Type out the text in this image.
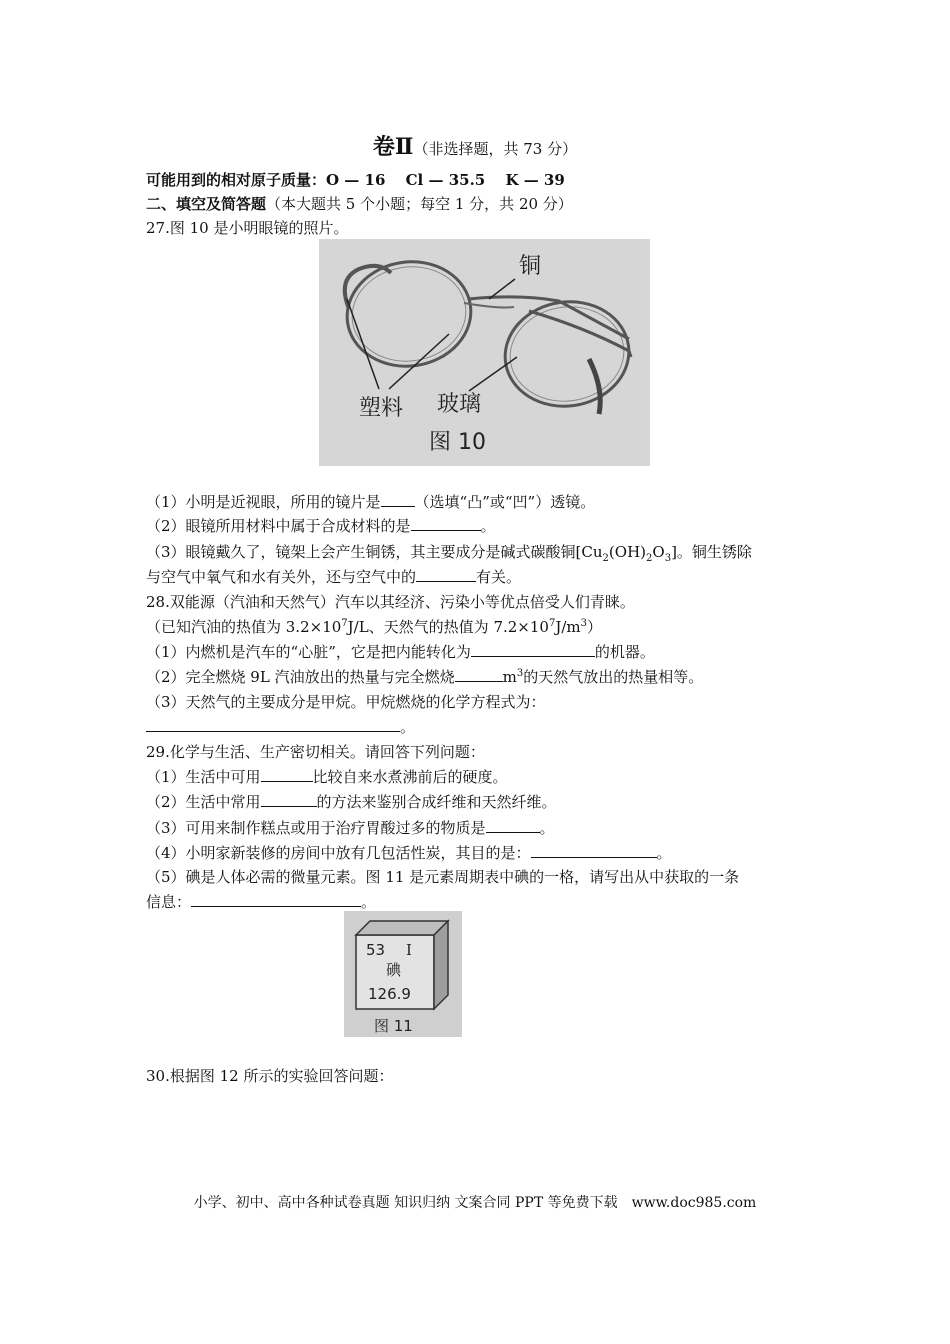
卷Ⅱ（非选择题，共 73 分）
可能用到的相对原子质量：O — 16　 Cl — 35.5　 K — 39
二、填空及简答题（本大题共 5 个小题；每空 1 分，共 20 分）
27.图 10 是小明眼镜的照片。
铜
塑料 玻璃
图 10
（1）小明是近视眼，所用的镜片是 （选填“凸”或“凹”）透镜。
（2）眼镜所用材料中属于合成材料的是	。
（3）眼镜戴久了，镜架上会产生铜锈，其主要成分是碱式碳酸铜$[Cu_2(OH)_2O_3]$。铜生锈除
与空气中氧气和水有关外，还与空气中的	有关。
28.双能源（汽油和天然气）汽车以其经济、污染小等优点倍受人们青睐。
（已知汽油的热值为 $3.2\times 10^7J/L$、天然气的热值为 $7.2\times 10^7J/m^3$）
（1）内燃机是汽车的“心脏”，它是把内能转化为	的机器。
（2）完全燃烧 9L 汽油放出的热量与完全燃烧	$m^3$的天然气放出的热量相等。
（3）天然气的主要成分是甲烷。甲烷燃烧的化学方程式为：
。
29.化学与生活、生产密切相关。请回答下列问题：
（1）生活中可用	比较自来水煮沸前后的硬度。
（2）生活中常用	的方法来鉴别合成纤维和天然纤维。
（3）可用来制作糕点或用于治疗胃酸过多的物质是	。
（4）小明家新装修的房间中放有几包活性炭，其目的是：	。
（5）碘是人体必需的微量元素。图 11 是元素周期表中碘的一格，请写出从中获取的一条
信息：	。
53 I
碘
126.9
图 11
30.根据图 12 所示的实验回答问题：
小学、初中、高中各种试卷真题 知识归纳 文案合同 PPT 等免费下载　www.doc985.com
